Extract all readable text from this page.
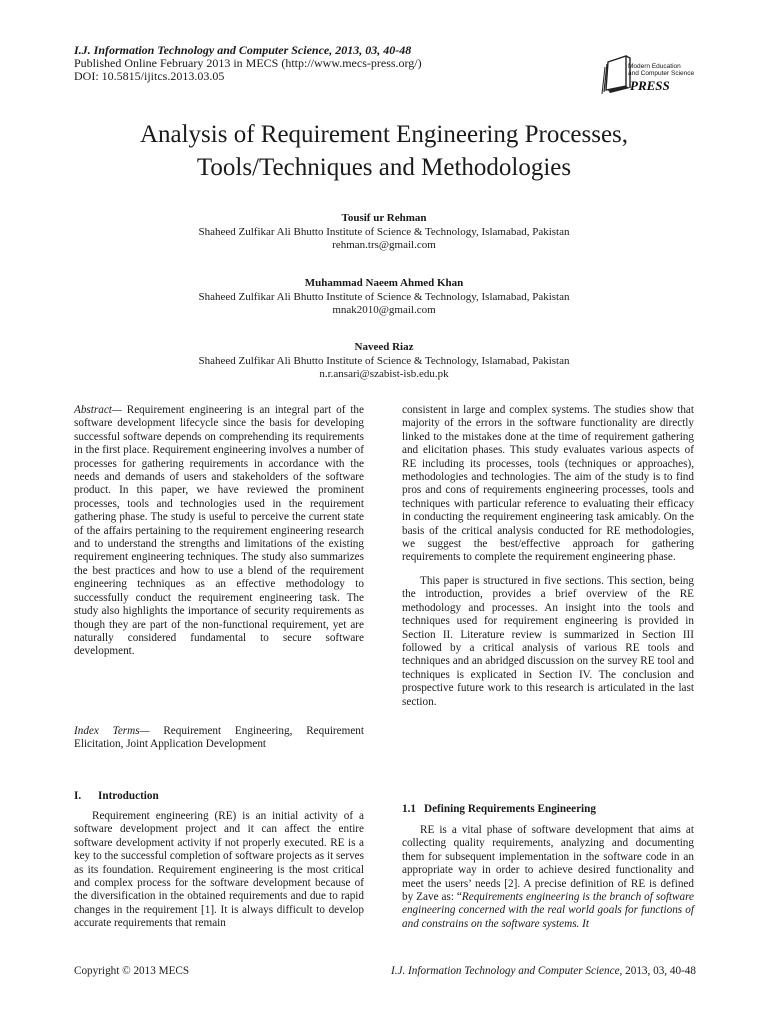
I.J. Information Technology and Computer Science, 2013, 03, 40-48
Published Online February 2013 in MECS (http://www.mecs-press.org/)
DOI: 10.5815/ijitcs.2013.03.05
Modern Education
and Computer Science
PRESS
Analysis of Requirement Engineering Processes,
Tools/Techniques and Methodologies
Tousif ur Rehman
Shaheed Zulfikar Ali Bhutto Institute of Science & Technology, Islamabad, Pakistan
rehman.trs@gmail.com
Muhammad Naeem Ahmed Khan
Shaheed Zulfikar Ali Bhutto Institute of Science & Technology, Islamabad, Pakistan
mnak2010@gmail.com
Naveed Riaz
Shaheed Zulfikar Ali Bhutto Institute of Science & Technology, Islamabad, Pakistan
n.r.ansari@szabist-isb.edu.pk

Abstract— Requirement engineering is an integral part of the software development lifecycle since the basis for developing successful software depends on comprehending its requirements in the first place. Requirement engineering involves a number of processes for gathering requirements in accordance with the needs and demands of users and stakeholders of the software product. In this paper, we have reviewed the prominent processes, tools and technologies used in the requirement gathering phase. The study is useful to perceive the current state of the affairs pertaining to the requirement engineering research and to understand the strengths and limitations of the existing requirement engineering techniques. The study also summarizes the best practices and how to use a blend of the requirement engineering techniques as an effective methodology to successfully conduct the requirement engineering task. The study also highlights the importance of security requirements as though they are part of the non-functional requirement, yet are naturally considered fundamental to secure software development.

Index Terms— Requirement Engineering, Requirement Elicitation, Joint Application Development

I. Introduction

Requirement engineering (RE) is an initial activity of a software development project and it can affect the entire software development activity if not properly executed. RE is a key to the successful completion of software projects as it serves as its foundation. Requirement engineering is the most critical and complex process for the software development because of the diversification in the obtained requirements and due to rapid changes in the requirement [1]. It is always difficult to develop accurate requirements that remain

consistent in large and complex systems. The studies show that majority of the errors in the software functionality are directly linked to the mistakes done at the time of requirement gathering and elicitation phases. This study evaluates various aspects of RE including its processes, tools (techniques or approaches), methodologies and technologies. The aim of the study is to find pros and cons of requirements engineering processes, tools and techniques with particular reference to evaluating their efficacy in conducting the requirement engineering task amicably. On the basis of the critical analysis conducted for RE methodologies, we suggest the best/effective approach for gathering requirements to complete the requirement engineering phase.

This paper is structured in five sections. This section, being the introduction, provides a brief overview of the RE methodology and processes. An insight into the tools and techniques used for requirement engineering is provided in Section II. Literature review is summarized in Section III followed by a critical analysis of various RE tools and techniques and an abridged discussion on the survey RE tool and techniques is explicated in Section IV. The conclusion and prospective future work to this research is articulated in the last section.

1.1 Defining Requirements Engineering

RE is a vital phase of software development that aims at collecting quality requirements, analyzing and documenting them for subsequent implementation in the software code in an appropriate way in order to achieve desired functionality and meet the users’ needs [2]. A precise definition of RE is defined by Zave as: “Requirements engineering is the branch of software engineering concerned with the real world goals for functions of and constrains on the software systems. It

Copyright © 2013 MECS	I.J. Information Technology and Computer Science, 2013, 03, 40-48
